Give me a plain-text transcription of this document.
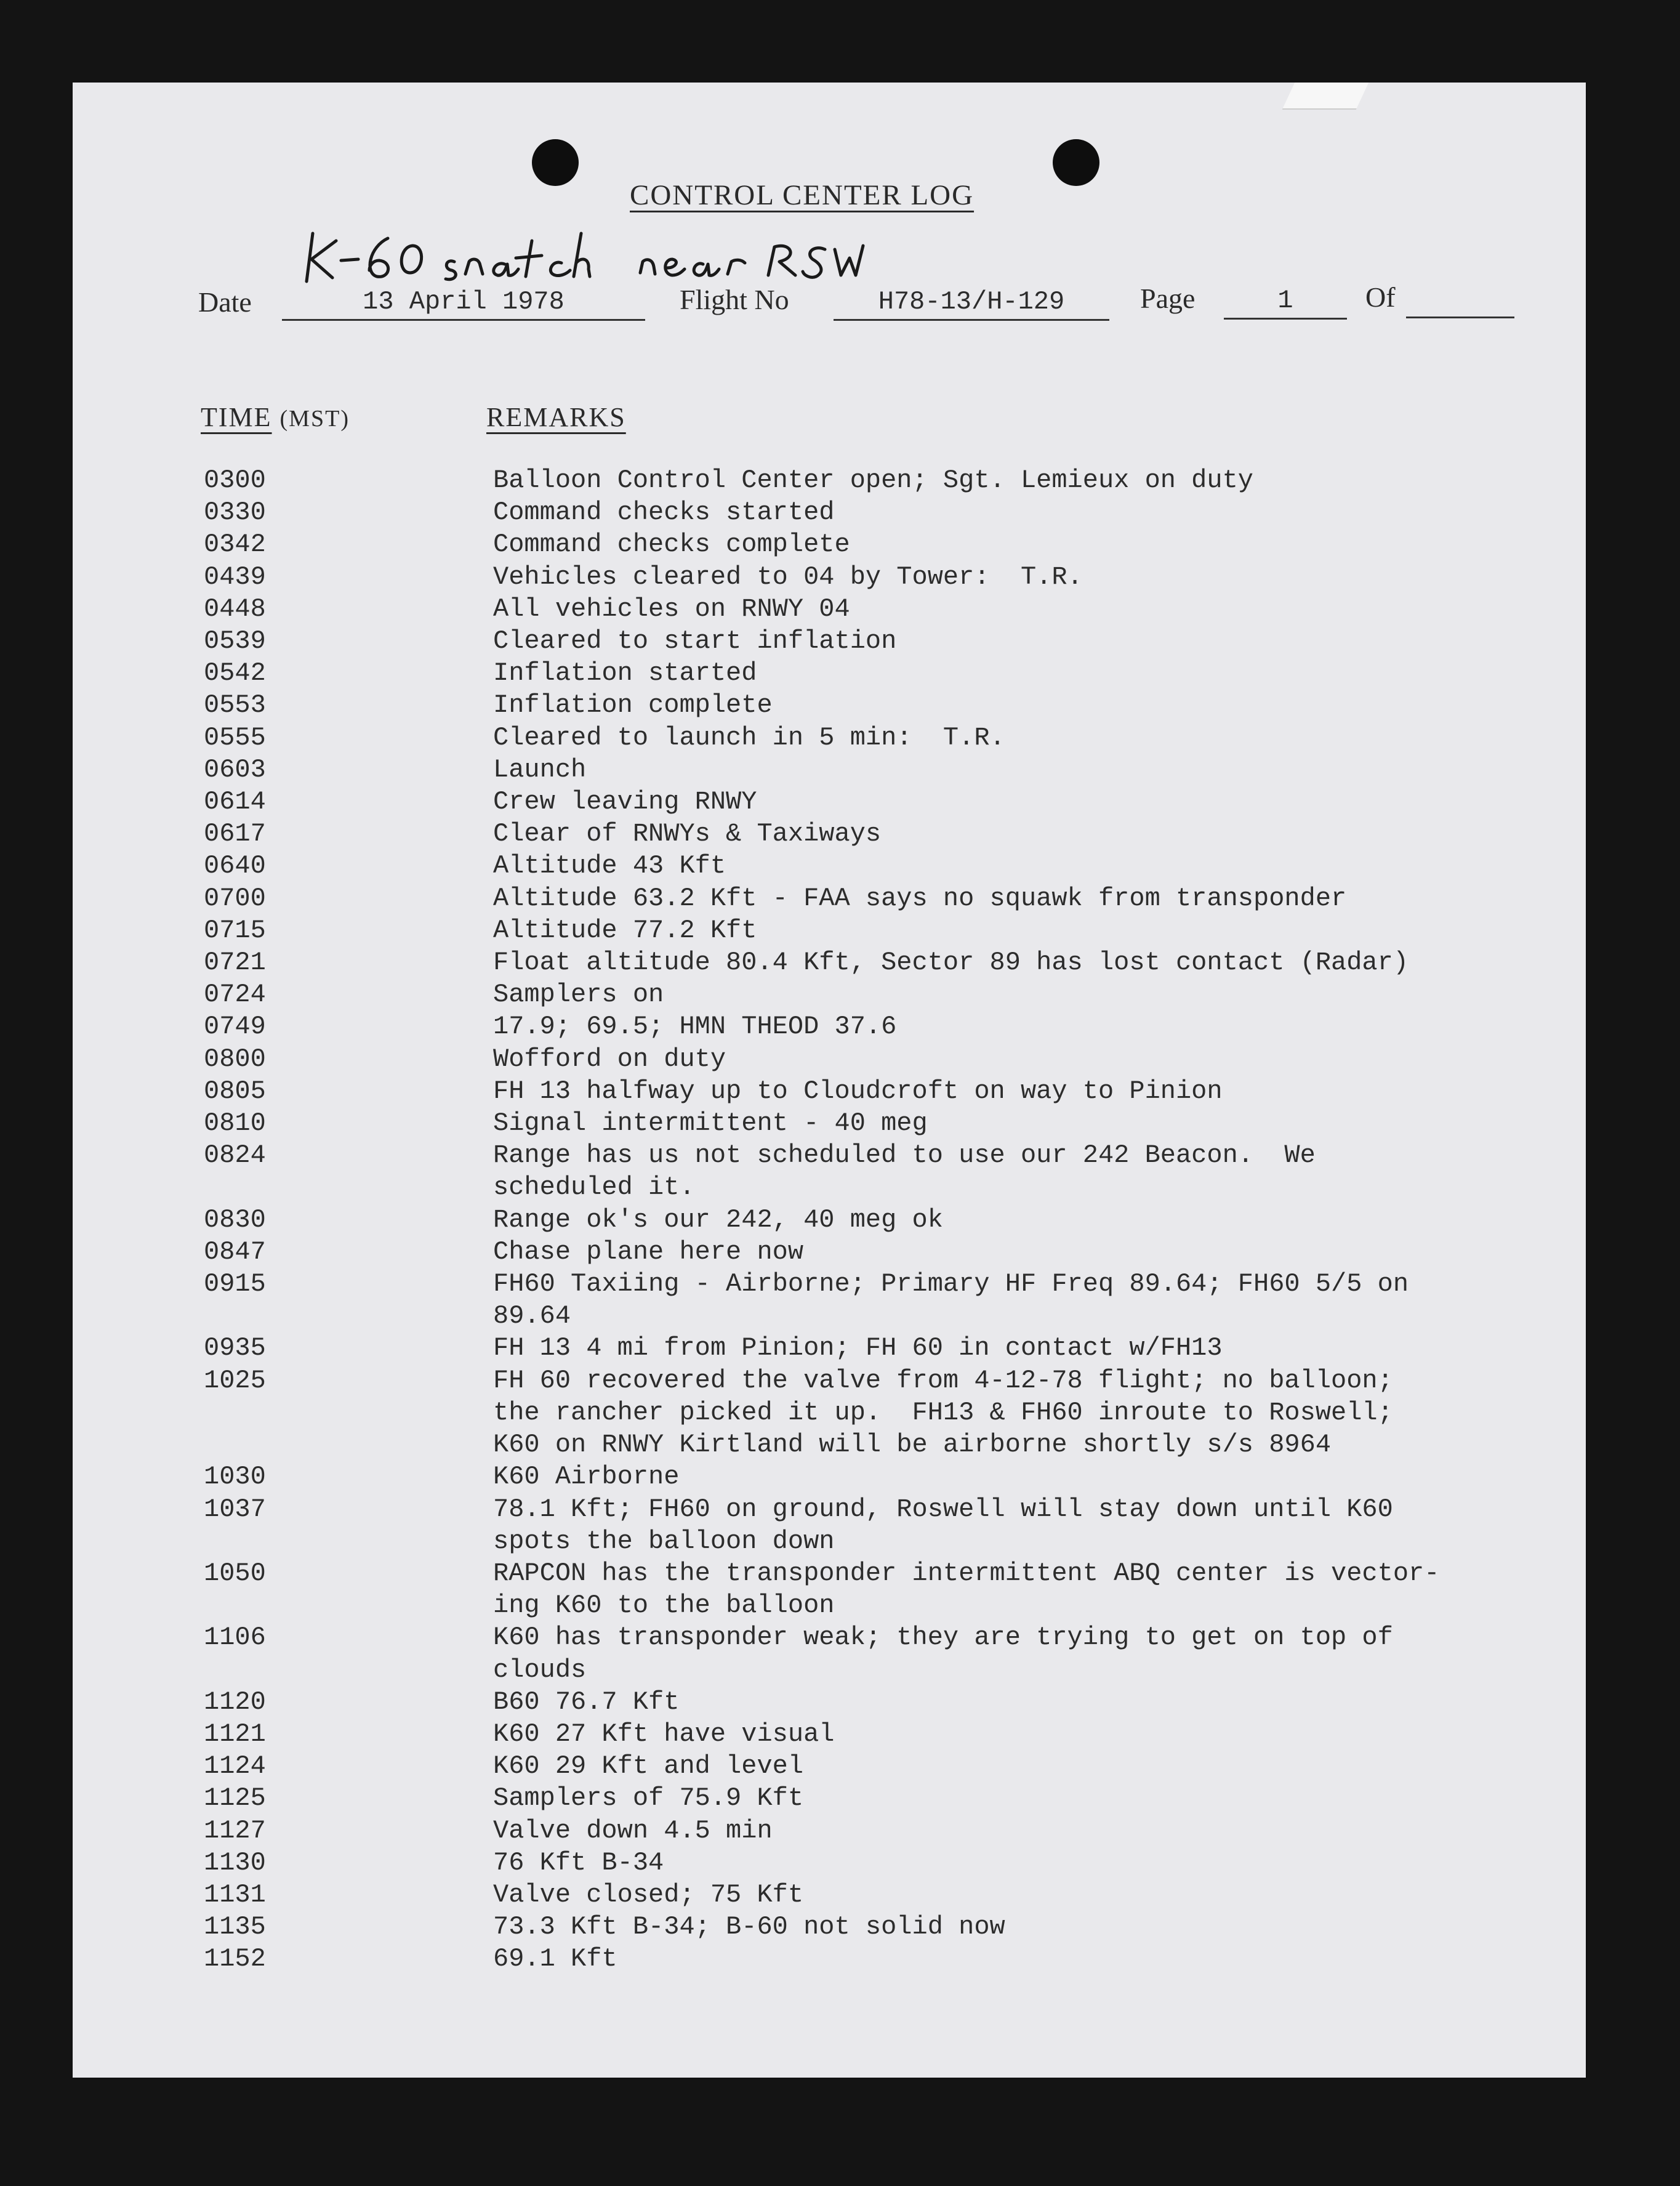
CONTROL CENTER LOG
Date	13 April 1978	Flight No	H78-13/H-129	Page	1	Of
TIME (MST)	REMARKS
0300	Balloon Control Center open; Sgt. Lemieux on duty
0330	Command checks started
0342	Command checks complete
0439	Vehicles cleared to 04 by Tower:  T.R.
0448	All vehicles on RNWY 04
0539	Cleared to start inflation
0542	Inflation started
0553	Inflation complete
0555	Cleared to launch in 5 min:  T.R.
0603	Launch
0614	Crew leaving RNWY
0617	Clear of RNWYs & Taxiways
0640	Altitude 43 Kft
0700	Altitude 63.2 Kft - FAA says no squawk from transponder
0715	Altitude 77.2 Kft
0721	Float altitude 80.4 Kft, Sector 89 has lost contact (Radar)
0724	Samplers on
0749	17.9; 69.5; HMN THEOD 37.6
0800	Wofford on duty
0805	FH 13 halfway up to Cloudcroft on way to Pinion
0810	Signal intermittent - 40 meg
0824	Range has us not scheduled to use our 242 Beacon.  We
scheduled it.
0830	Range ok's our 242, 40 meg ok
0847	Chase plane here now
0915	FH60 Taxiing - Airborne; Primary HF Freq 89.64; FH60 5/5 on
89.64
0935	FH 13 4 mi from Pinion; FH 60 in contact w/FH13
1025	FH 60 recovered the valve from 4-12-78 flight; no balloon;
the rancher picked it up.  FH13 & FH60 inroute to Roswell;
K60 on RNWY Kirtland will be airborne shortly s/s 8964
1030	K60 Airborne
1037	78.1 Kft; FH60 on ground, Roswell will stay down until K60
spots the balloon down
1050	RAPCON has the transponder intermittent ABQ center is vector-
ing K60 to the balloon
1106	K60 has transponder weak; they are trying to get on top of
clouds
1120	B60 76.7 Kft
1121	K60 27 Kft have visual
1124	K60 29 Kft and level
1125	Samplers of 75.9 Kft
1127	Valve down 4.5 min
1130	76 Kft B-34
1131	Valve closed; 75 Kft
1135	73.3 Kft B-34; B-60 not solid now
1152	69.1 Kft
